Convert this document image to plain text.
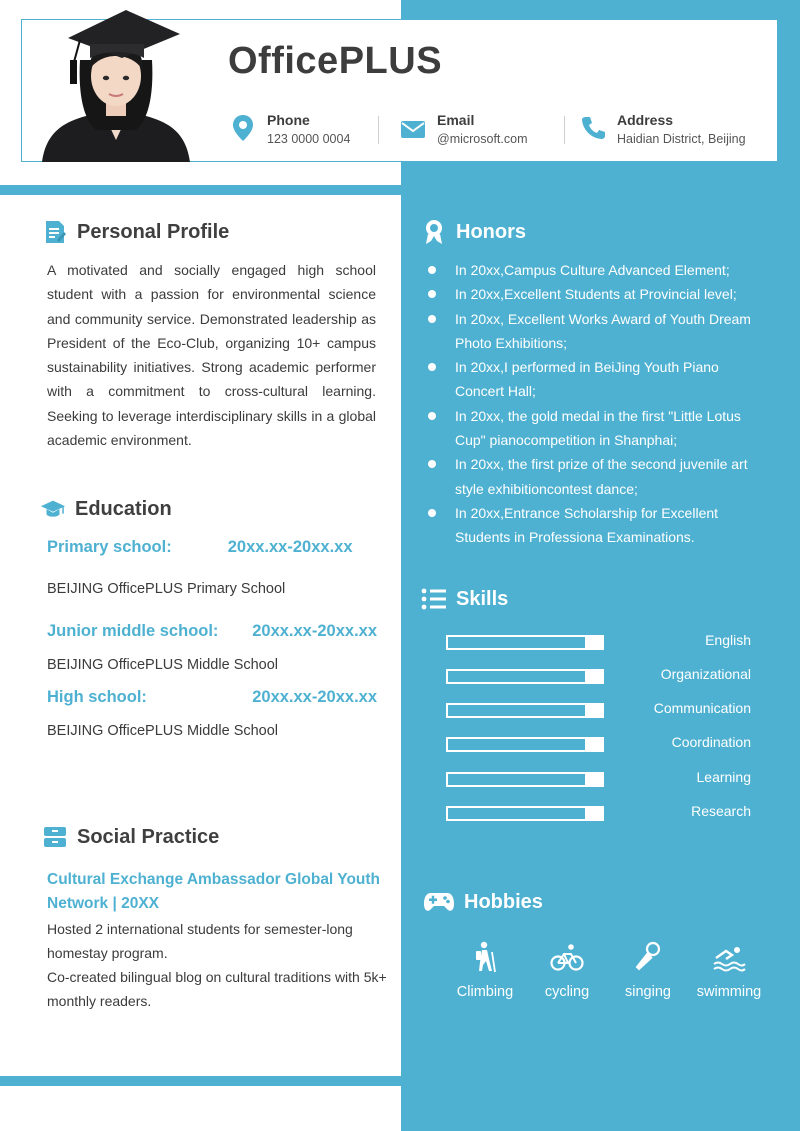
OfficePLUS
Phone
123 0000 0004
Email
@microsoft.com
Address
Haidian District, Beijing
Personal Profile

A motivated and socially engaged high school student with a passion for environmental science and community service. Demonstrated leadership as President of the Eco-Club, organizing 10+ campus sustainability initiatives. Strong academic performer with a commitment to cross-cultural learning. Seeking to leverage interdisciplinary skills in a global academic environment.

Education
Primary school:	20xx.xx-20xx.xx
BEIJING OfficePLUS Primary School
Junior middle school: 20xx.xx-20xx.xx
BEIJING OfficePLUS Middle School
High school:	20xx.xx-20xx.xx
BEIJING OfficePLUS Middle School
Social Practice
Cultural Exchange Ambassador Global Youth Network | 20XX
Hosted 2 international students for semester-long homestay program.
Co-created bilingual blog on cultural traditions with 5k+ monthly readers.
Honors
In 20xx,Campus Culture Advanced Element;
In 20xx,Excellent Students at Provincial level;
In 20xx, Excellent Works Award of Youth Dream Photo Exhibitions;
In 20xx,I performed in BeiJing Youth Piano Concert Hall;
In 20xx, the gold medal in the first "Little Lotus Cup" pianocompetition in Shanphai;
In 20xx, the first prize of the second juvenile art style exhibitioncontest dance;
In 20xx,Entrance Scholarship for Excellent Students in Professiona Examinations.
Skills
English
Organizational
Communication
Coordination
Learning
Research
Hobbies
Climbing	cycling	singing	swimming
